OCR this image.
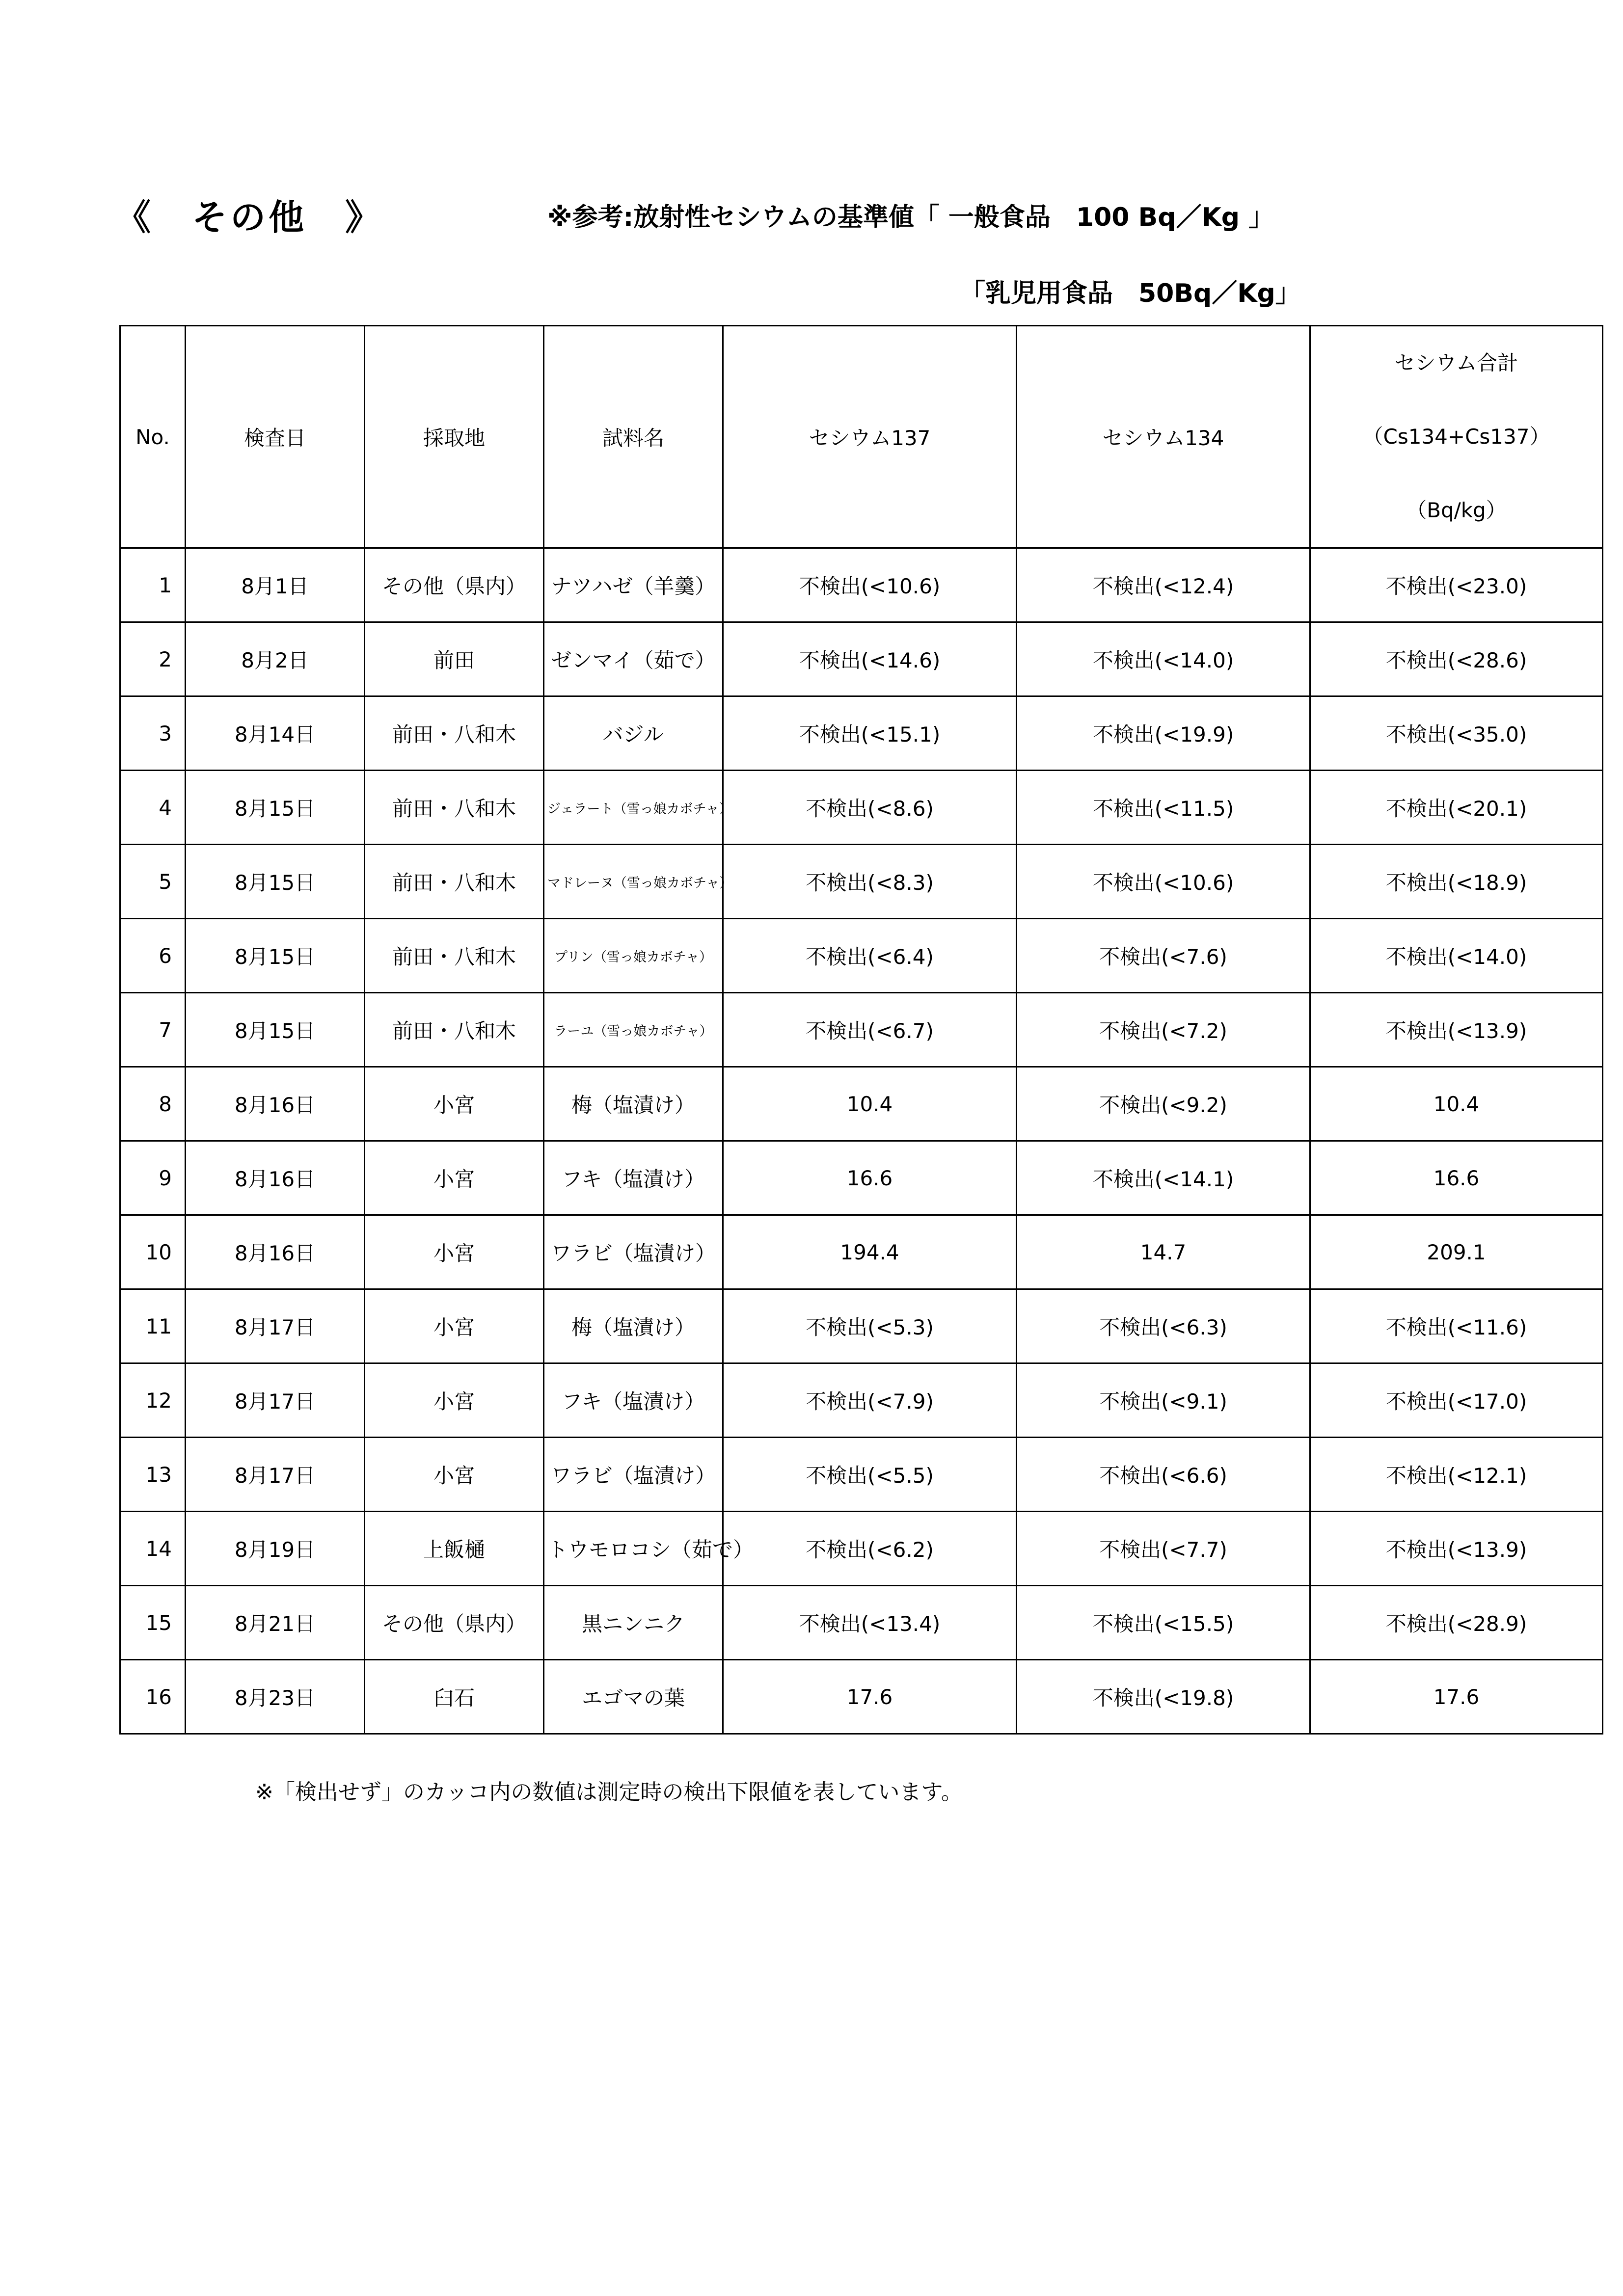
《　その他　》	※参考:放射性セシウムの基準値「 一般食品　100 Bq／Kg 」
「乳児用食品　50Bq／Kg」
No.	検査日	採取地	試料名	セシウム137	セシウム134	セシウム合計
（Cs134+Cs137）
（Bq/kg）

1	8月1日	その他（県内）	ナツハゼ（羊羹）	不検出(<10.6)	不検出(<12.4)	不検出(<23.0)
2	8月2日	前田	ゼンマイ（茹で）	不検出(<14.6)	不検出(<14.0)	不検出(<28.6)
3	8月14日	前田・八和木	バジル	不検出(<15.1)	不検出(<19.9)	不検出(<35.0)
4	8月15日	前田・八和木	ジェラート（雪っ娘カボチャ）	不検出(<8.6)	不検出(<11.5)	不検出(<20.1)
5	8月15日	前田・八和木	マドレーヌ（雪っ娘カボチャ）	不検出(<8.3)	不検出(<10.6)	不検出(<18.9)
6	8月15日	前田・八和木	プリン（雪っ娘カボチャ）	不検出(<6.4)	不検出(<7.6)	不検出(<14.0)
7	8月15日	前田・八和木	ラーユ（雪っ娘カボチャ）	不検出(<6.7)	不検出(<7.2)	不検出(<13.9)
8	8月16日	小宮	梅（塩漬け）	10.4	不検出(<9.2)	10.4
9	8月16日	小宮	フキ（塩漬け）	16.6	不検出(<14.1)	16.6
10	8月16日	小宮	ワラビ（塩漬け）	194.4	14.7	209.1
11	8月17日	小宮	梅（塩漬け）	不検出(<5.3)	不検出(<6.3)	不検出(<11.6)
12	8月17日	小宮	フキ（塩漬け）	不検出(<7.9)	不検出(<9.1)	不検出(<17.0)
13	8月17日	小宮	ワラビ（塩漬け）	不検出(<5.5)	不検出(<6.6)	不検出(<12.1)
14	8月19日	上飯樋	トウモロコシ（茹で）	不検出(<6.2)	不検出(<7.7)	不検出(<13.9)
15	8月21日	その他（県内）	黒ニンニク	不検出(<13.4)	不検出(<15.5)	不検出(<28.9)
16	8月23日	臼石	エゴマの葉	17.6	不検出(<19.8)	17.6
※「検出せず」のカッコ内の数値は測定時の検出下限値を表しています。
